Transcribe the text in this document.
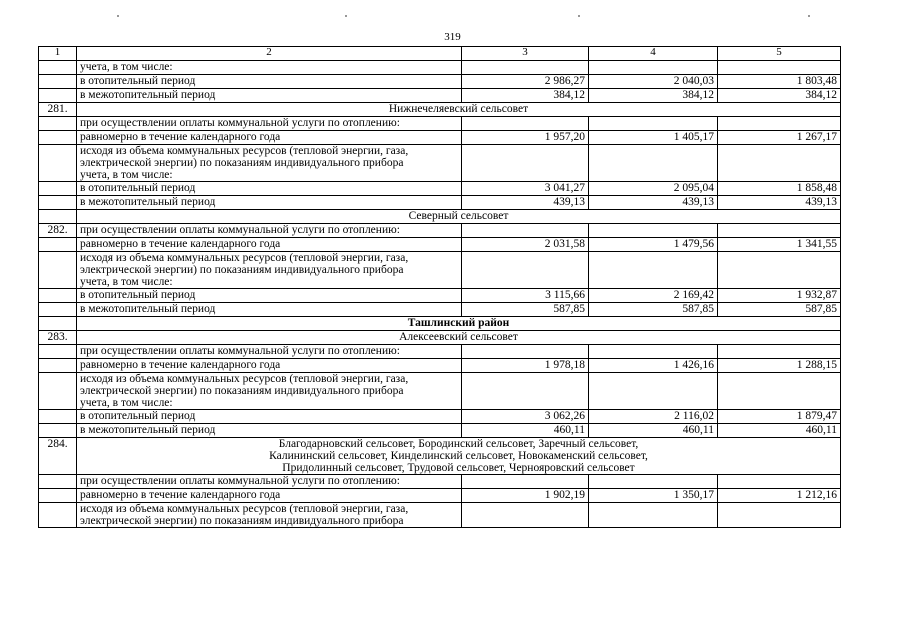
319
1	2	3	4	5
	учета, в том числе:			
	в отопительный период	2 986,27	2 040,03	1 803,48
	в межотопительный период	384,12	384,12	384,12
281.	Нижнечеляевский сельсовет			
	при осуществлении оплаты коммунальной услуги по отоплению:			
	равномерно в течение календарного года	1 957,20	1 405,17	1 267,17

	исходя из объема коммунальных ресурсов (тепловой энергии, газа,
электрической энергии) по показаниям индивидуального прибора
учета, в том числе:			

	в отопительный период	3 041,27	2 095,04	1 858,48
	в межотопительный период	439,13	439,13	439,13
	Северный сельсовет			
282.	при осуществлении оплаты коммунальной услуги по отоплению:			
	равномерно в течение календарного года	2 031,58	1 479,56	1 341,55

	исходя из объема коммунальных ресурсов (тепловой энергии, газа,
электрической энергии) по показаниям индивидуального прибора
учета, в том числе:			

	в отопительный период	3 115,66	2 169,42	1 932,87
	в межотопительный период	587,85	587,85	587,85
	Ташлинский район			
283.	Алексеевский сельсовет			
	при осуществлении оплаты коммунальной услуги по отоплению:			
	равномерно в течение календарного года	1 978,18	1 426,16	1 288,15

	исходя из объема коммунальных ресурсов (тепловой энергии, газа,
электрической энергии) по показаниям индивидуального прибора
учета, в том числе:			

	в отопительный период	3 062,26	2 116,02	1 879,47
	в межотопительный период	460,11	460,11	460,11
284.	Благодарновский сельсовет, Бородинский сельсовет, Заречный сельсовет,
Калининский сельсовет, Кинделинский сельсовет, Новокаменский сельсовет,
Придолинный сельсовет, Трудовой сельсовет, Чернояровский сельсовет			

	при осуществлении оплаты коммунальной услуги по отоплению:			
	равномерно в течение календарного года	1 902,19	1 350,17	1 212,16

	исходя из объема коммунальных ресурсов (тепловой энергии, газа,
электрической энергии) по показаниям индивидуального прибора			
